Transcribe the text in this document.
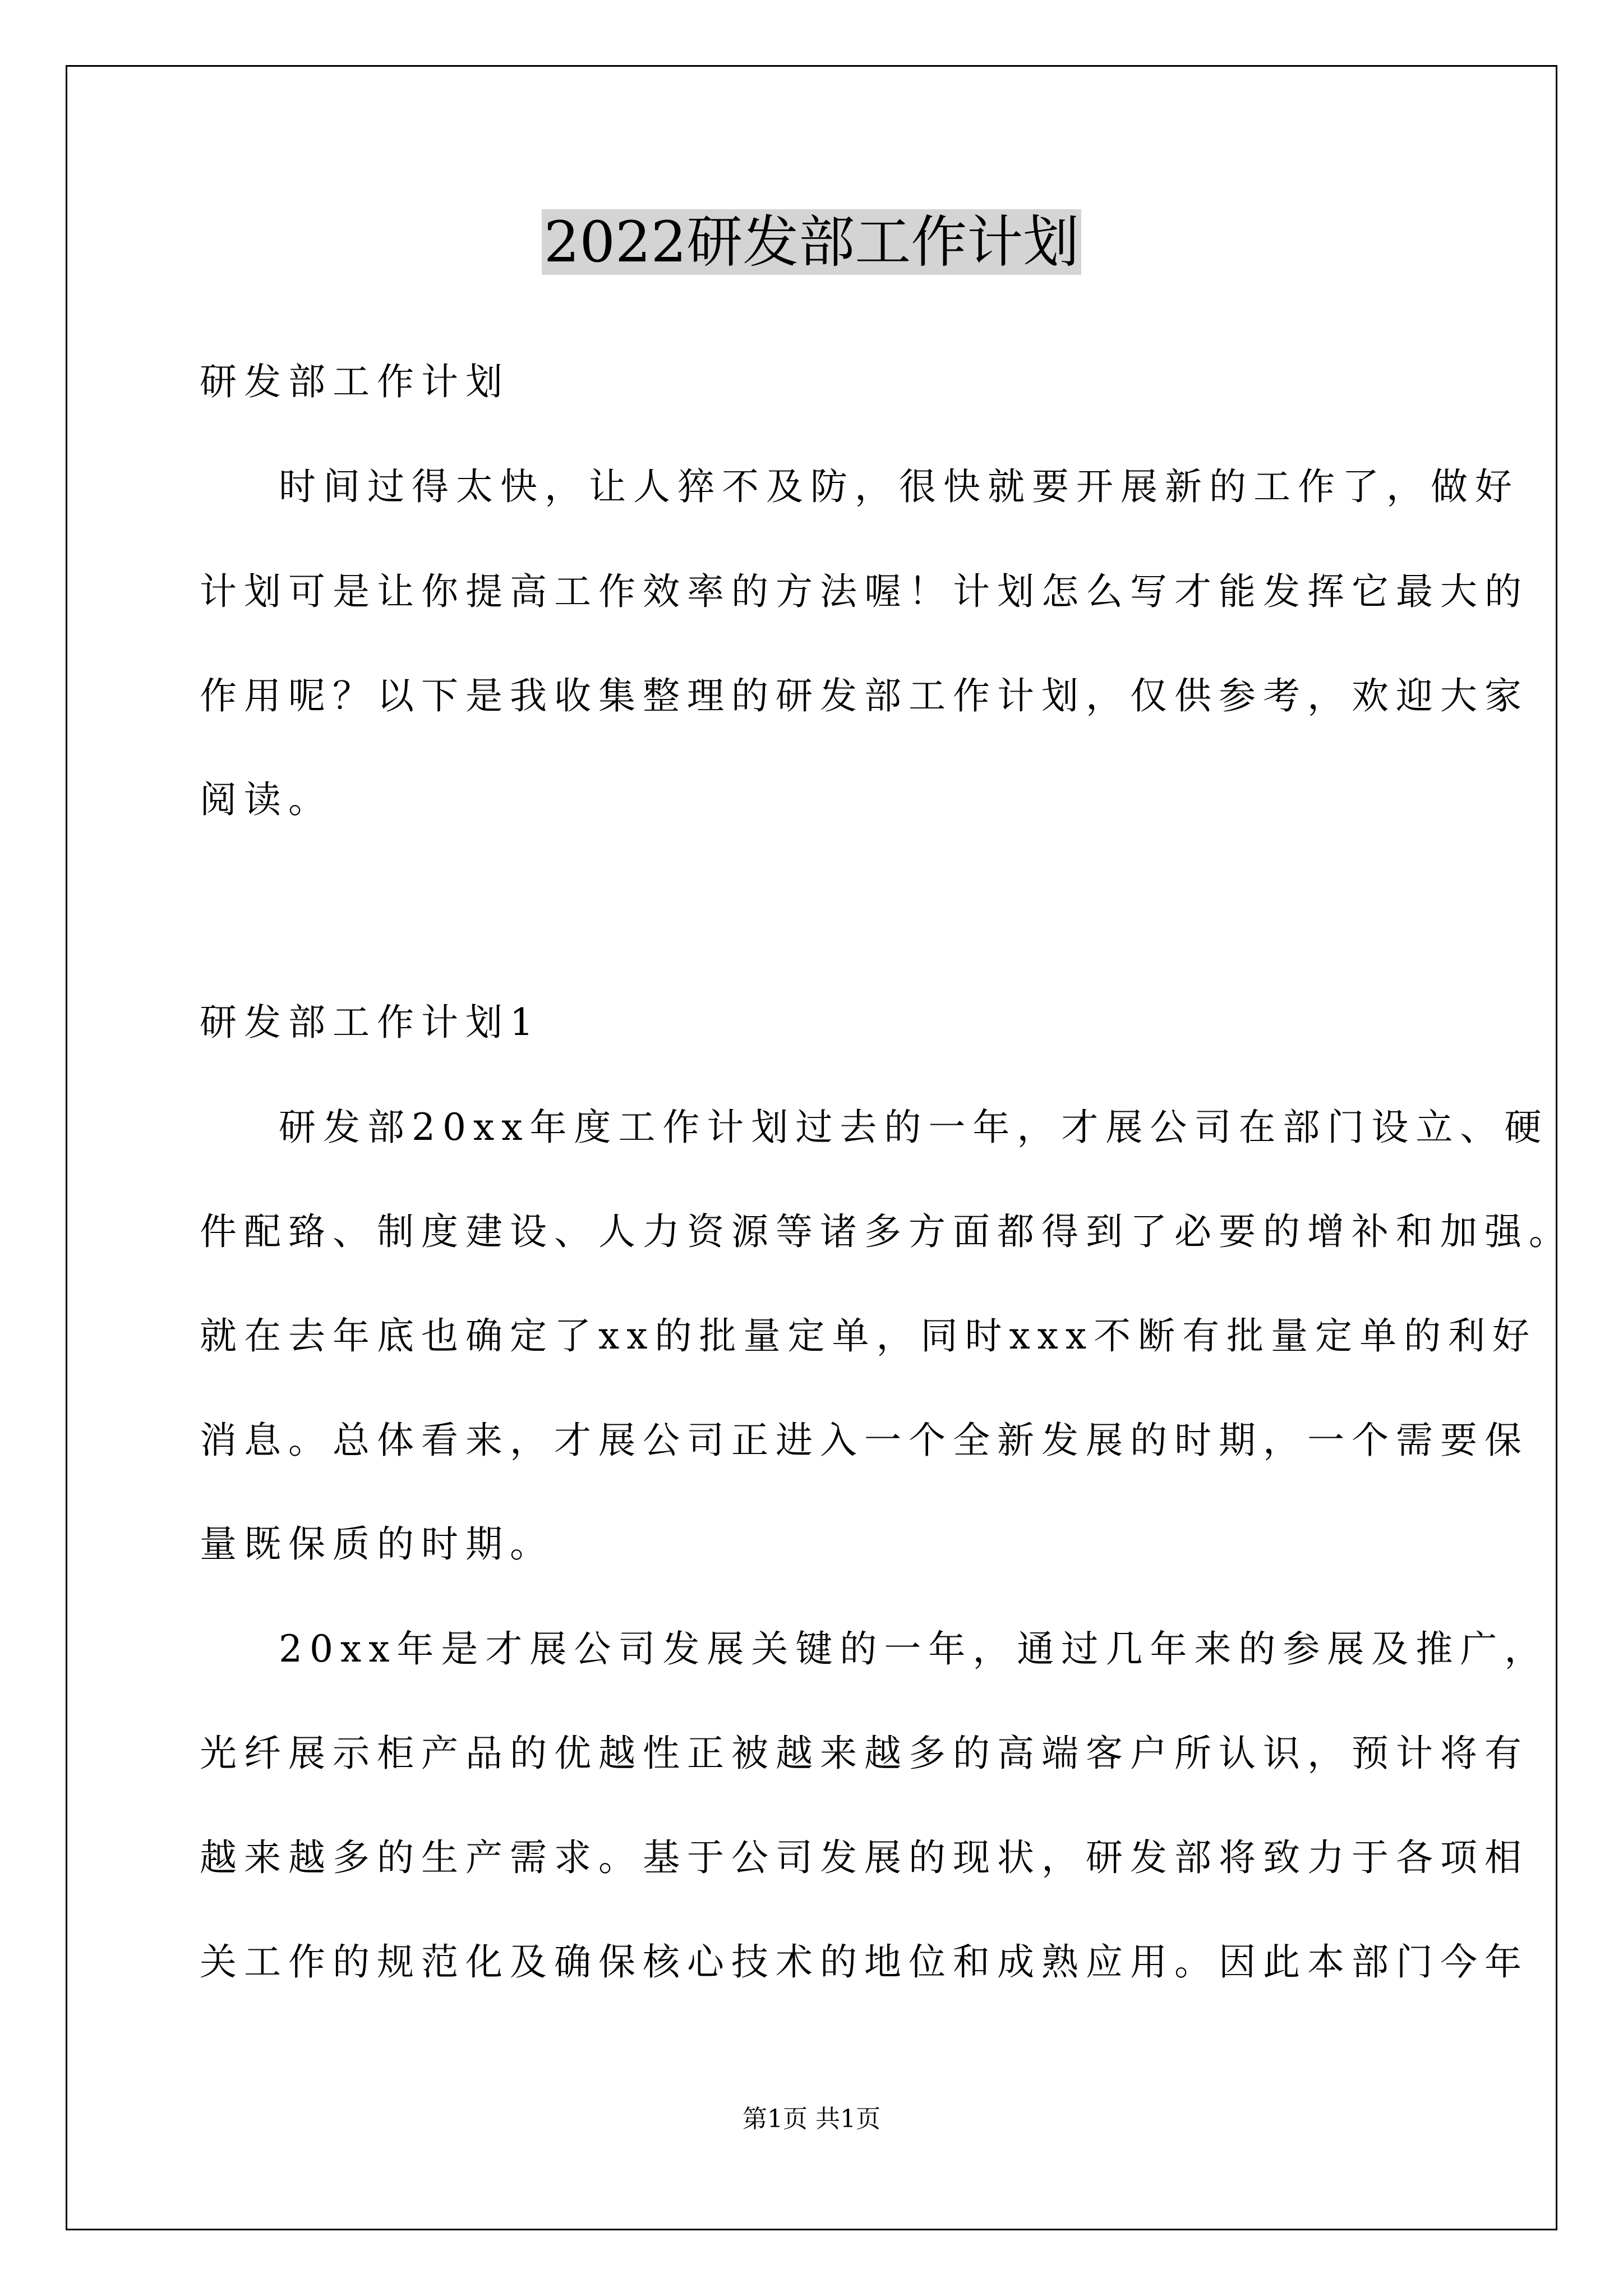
2022研发部工作计划
研发部工作计划
时间过得太快，让人猝不及防，很快就要开展新的工作了，做好
计划可是让你提高工作效率的方法喔！计划怎么写才能发挥它最大的
作用呢？以下是我收集整理的研发部工作计划，仅供参考，欢迎大家
阅读。
研发部工作计划1
研发部20xx年度工作计划过去的一年，才展公司在部门设立、硬
件配臵、制度建设、人力资源等诸多方面都得到了必要的增补和加强。
就在去年底也确定了xx的批量定单，同时xxx不断有批量定单的利好
消息。总体看来，才展公司正进入一个全新发展的时期，一个需要保
量既保质的时期。
20xx年是才展公司发展关键的一年，通过几年来的参展及推广，
光纤展示柜产品的优越性正被越来越多的高端客户所认识，预计将有
越来越多的生产需求。基于公司发展的现状，研发部将致力于各项相
关工作的规范化及确保核心技术的地位和成熟应用。因此本部门今年
第1页 共1页
